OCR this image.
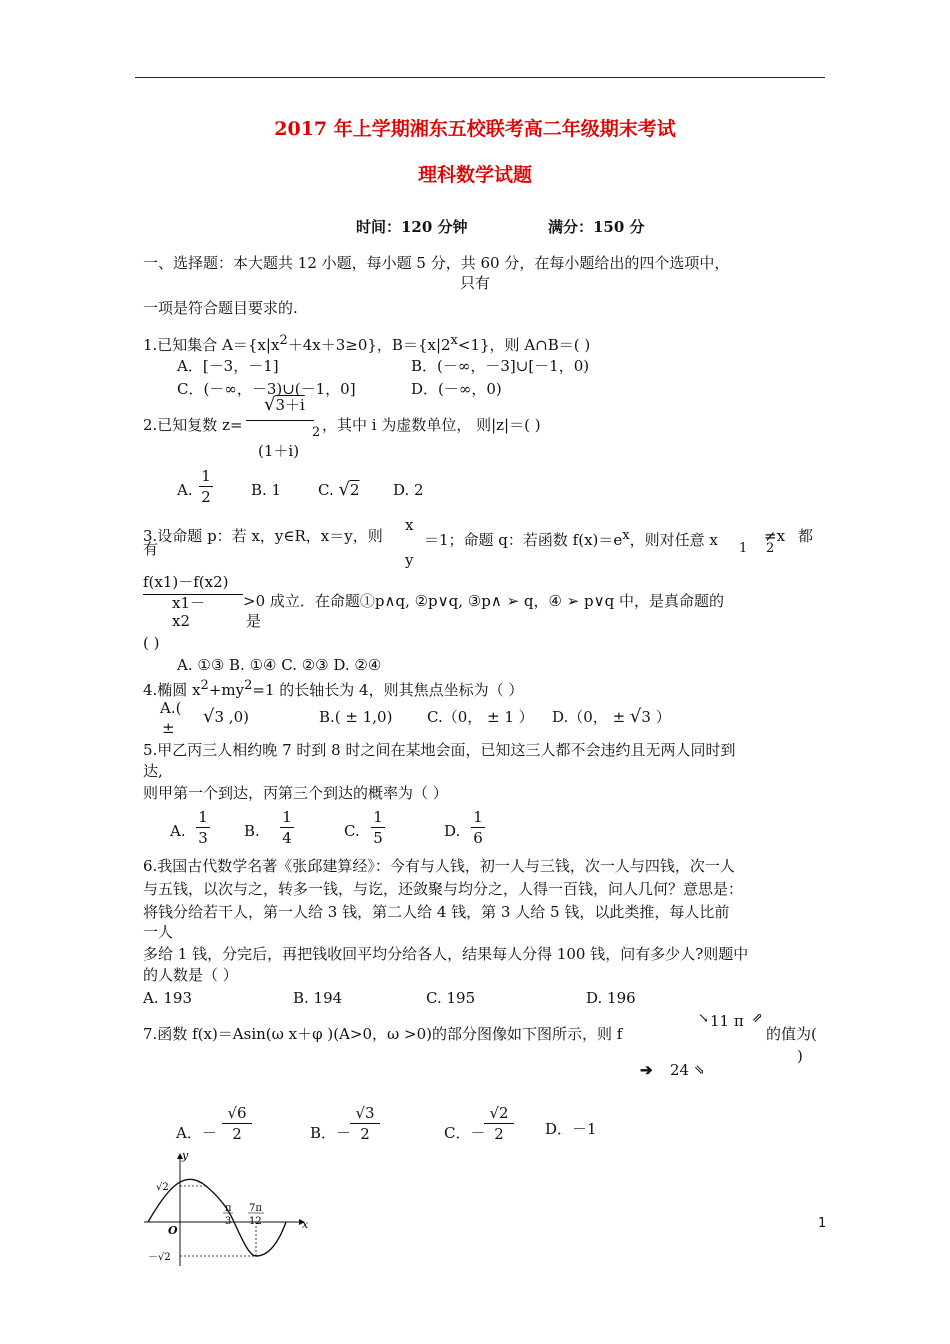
2017 年上学期湘东五校联考高二年级期末考试
理科数学试题
时间：120 分钟	满分：150 分
一、选择题：本大题共 12 小题，每小题 5 分，共 60 分，在每小题给出的四个选项中，
只有
一项是符合题目要求的.
1.已知集合 $A=\{x|x^2+4x+3\ge 0\}$，$B=\{x|2^x<1\}$，则 A∩B＝( )
A．[－3，－1]	B．(－∞，－3]∪[－1，0)
C．(－∞，－3)∪(－1，0]	D．(－∞，0)
2.已知复数 z=
√3＋i
2
(1＋i)
，其中 i 为虚数单位， 则|z|＝( )
A.
1
2	B. 1 C. √2 D. 2
3.设命题 p：若 x，y∈R，x＝y，则
x
y
＝1；命题 q：若函数 $f(x)=e^x$，则对任意 x 1
≠x
2
都
有
f(x1)－f(x2)
x1－
x2
>0 成立．在命题①p∧q, ②p∨q, ③p∧ ➢ q，④ ➢ p∨q 中，是真命题的
是
( )
A. ①③ B. ①④ C. ②③ D. ②④
4.椭圆 $x^2+my^2=1$ 的长轴长为 4，则其焦点坐标为（ ）
A.(
±
√3 ,0)	B.( ± 1,0) C.（0， ± 1 ） D.（0， ± √3 ）
5.甲乙丙三人相约晚 7 时到 8 时之间在某地会面，已知这三人都不会违约且无两人同时到
达,
则甲第一个到达，丙第三个到达的概率为（ ）
A.
1
3 B.
1
4	C.
1
5	D.
1
6
6.我国古代数学名著《张邱建算经》：今有与人钱，初一人与三钱，次一人与四钱，次一人
与五钱，以次与之，转多一钱，与讫，还敛聚与均分之，人得一百钱，问人几何？意思是：
将钱分给若干人，第一人给 3 钱，第二人给 4 钱，第 3 人给 5 钱，以此类推，每人比前
一人
多给 1 钱，分完后，再把钱收回平均分给各人，结果每人分得 100 钱，问有多少人?则题中
的人数是（ ）
A. 193	B. 194	C. 195	D. 196
7.函数 f(x)＝Asin(ω x＋φ )(A>0，ω >0)的部分图像如下图所示，则 f
11 π
↘	⇗
的值为(
)
➔ 24 ⇘
A．－
√6
2	B．－
√3
2	C．－
√2
2	D．－1
y
x
O
√2
－√2
π
3
7π
12	1
